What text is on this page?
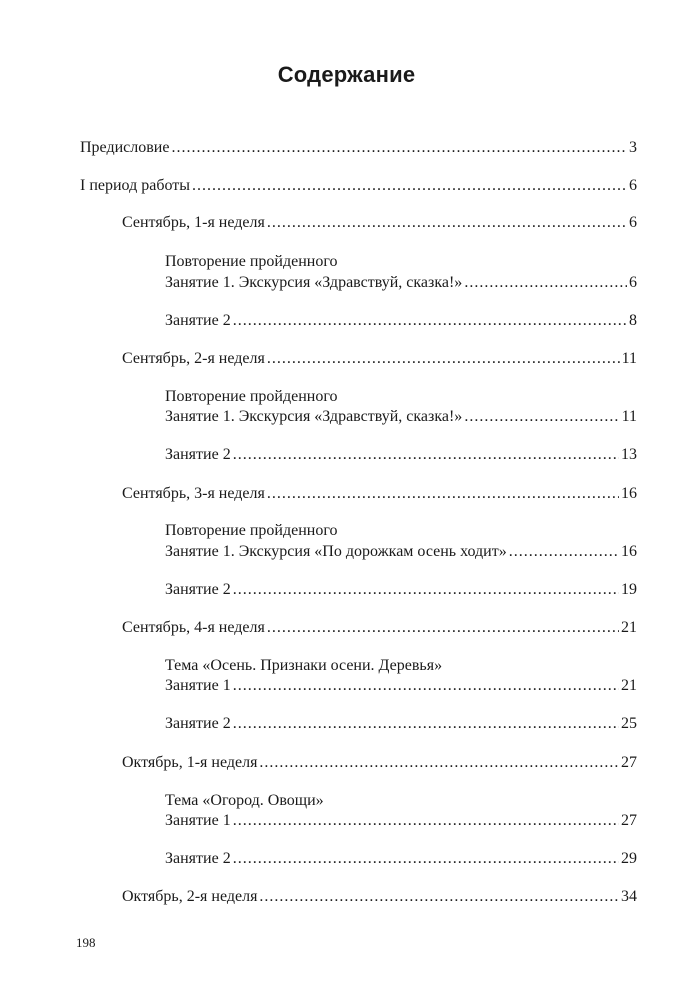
Содержание
Предисловие .....	3
I период работы .....	6
Сентябрь, 1-я неделя .....	6
Повторение пройденного
Занятие 1. Экскурсия «Здравствуй, сказка!» .....	6
Занятие 2 .....	8
Сентябрь, 2-я неделя .....	11
Повторение пройденного
Занятие 1. Экскурсия «Здравствуй, сказка!» .....	11
Занятие 2 .....	13
Сентябрь, 3-я неделя .....	16
Повторение пройденного
Занятие 1. Экскурсия «По дорожкам осень ходит» .....	16
Занятие 2 .....	19
Сентябрь, 4-я неделя .....	21
Тема «Осень. Признаки осени. Деревья»
Занятие 1 .....	21
Занятие 2 .....	25
Октябрь, 1-я неделя .....	27
Тема «Огород. Овощи»
Занятие 1 .....	27
Занятие 2 .....	29
Октябрь, 2-я неделя .....	34
198
